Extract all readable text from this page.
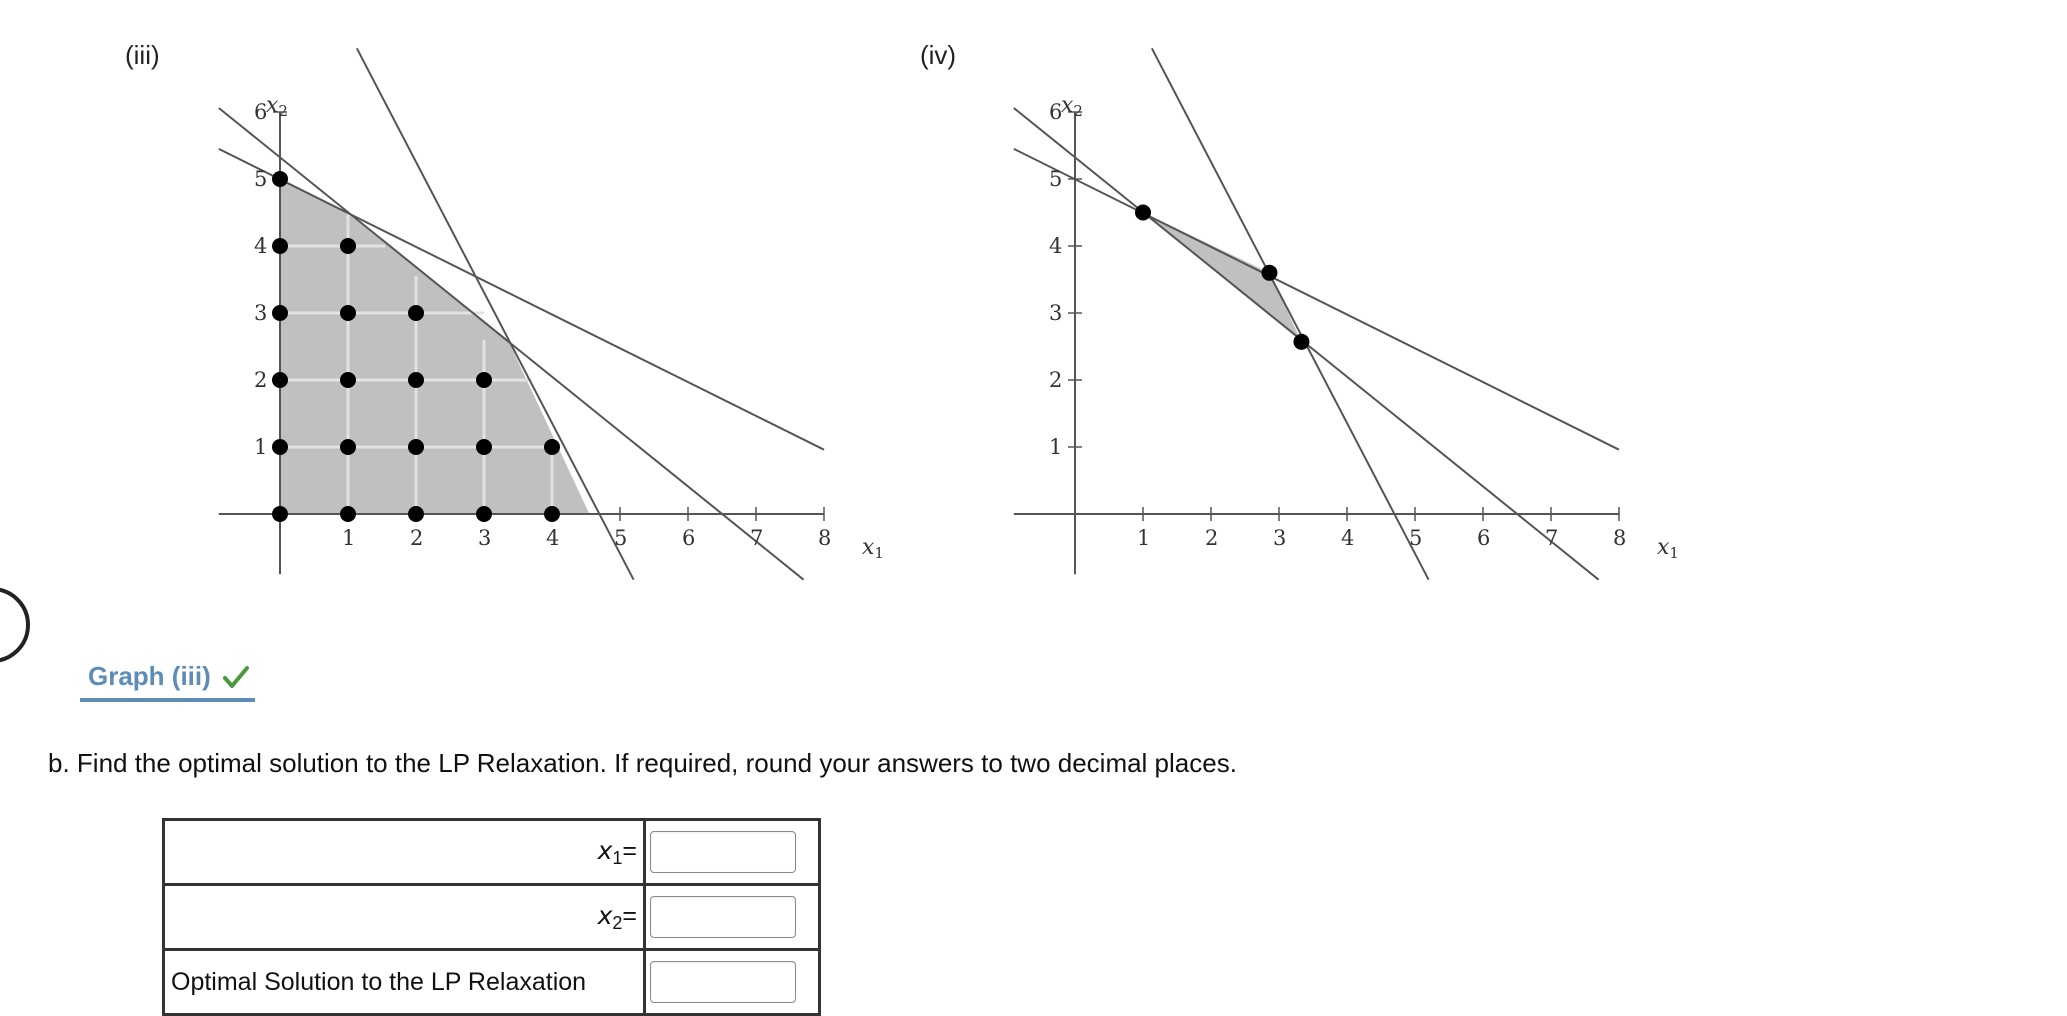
(iii)	(iv)
1	2	3	4	5	6	7	8
1
2
3
4
5
6
x2
x1
1	2	3	4	5	6	7	8
1
2
3
4
5
6
x2
x1
Graph (iii)
b. Find the optimal solution to the LP Relaxation. If required, round your answers to two decimal places.
$x_1=$	
$x_2=$	
Optimal Solution to the LP Relaxation	
